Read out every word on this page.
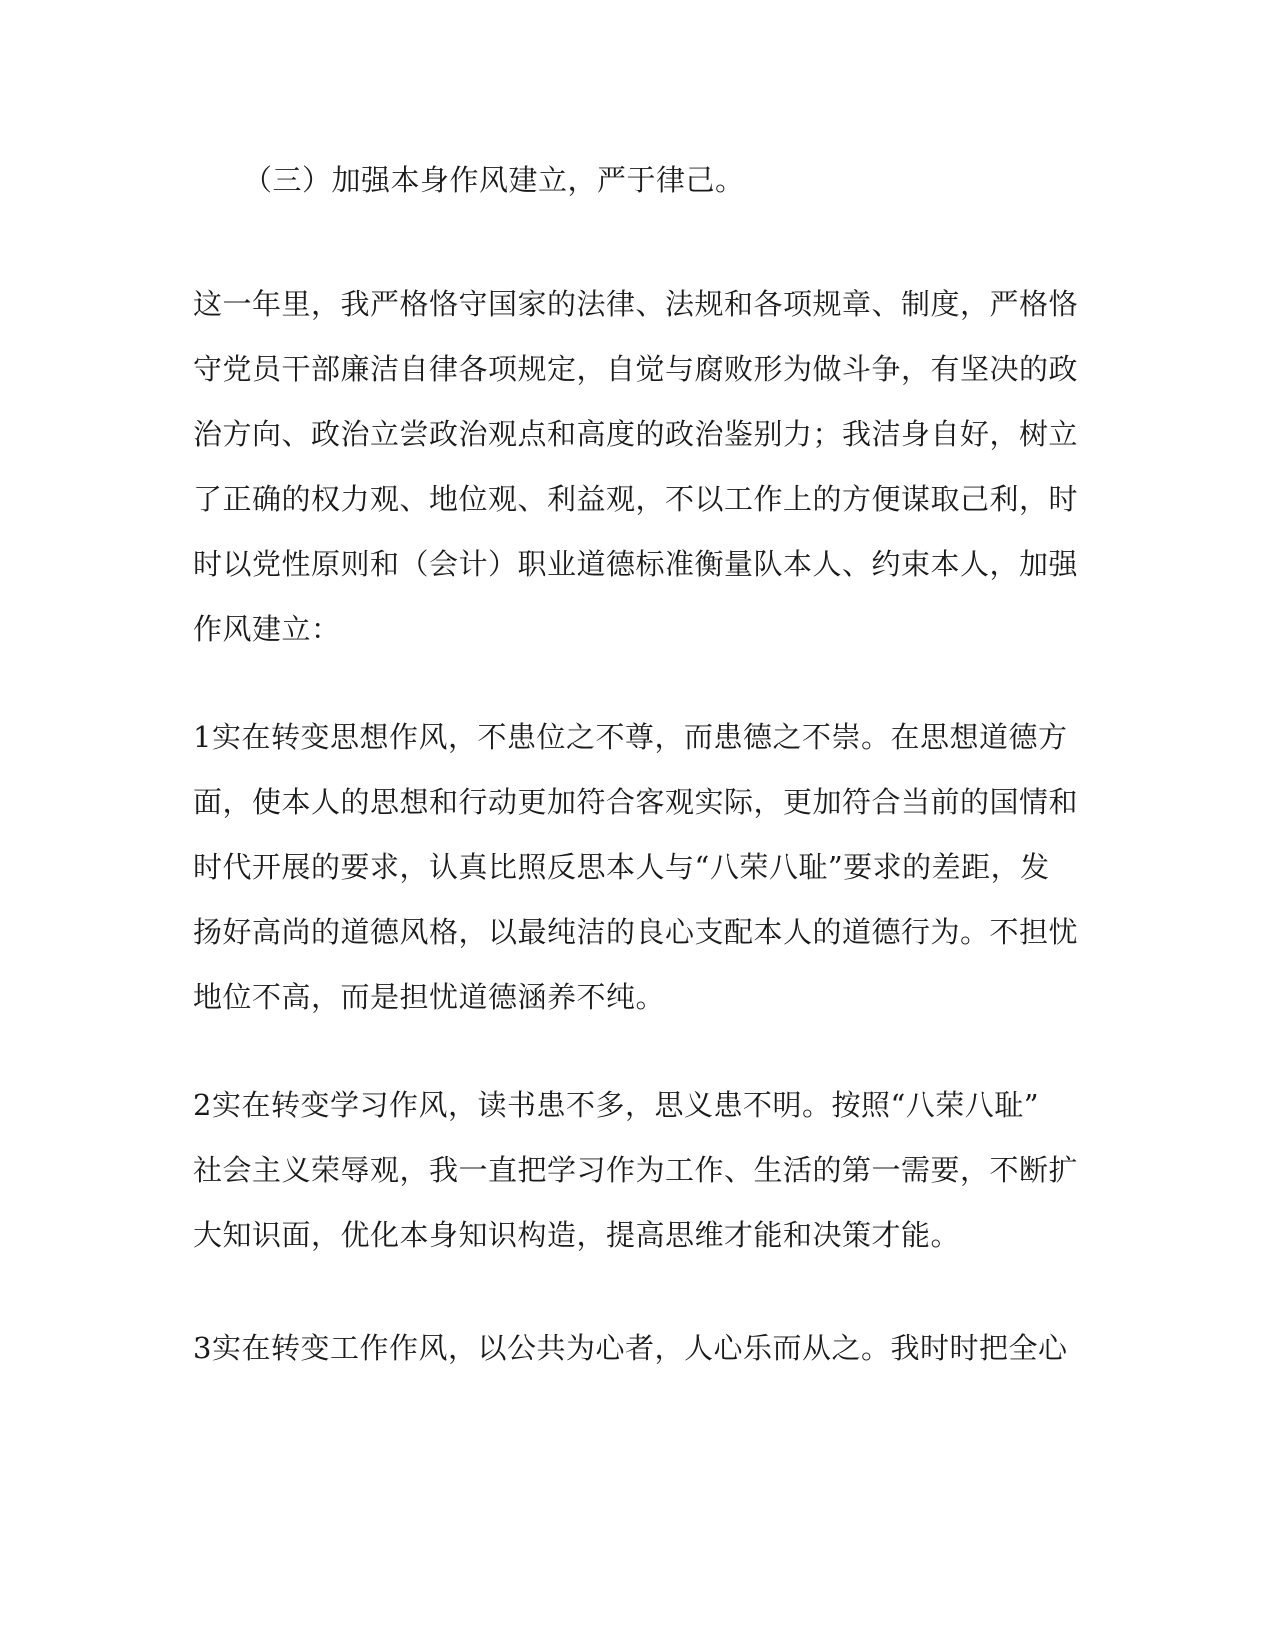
（三）加强本身作风建立，严于律己。
这一年里，我严格恪守国家的法律、法规和各项规章、制度，严格恪
守党员干部廉洁自律各项规定，自觉与腐败形为做斗争，有坚决的政
治方向、政治立尝政治观点和高度的政治鉴别力；我洁身自好，树立
了正确的权力观、地位观、利益观，不以工作上的方便谋取己利，时
时以党性原则和（会计）职业道德标准衡量队本人、约束本人，加强
作风建立：
1实在转变思想作风，不患位之不尊，而患德之不崇。在思想道德方
面，使本人的思想和行动更加符合客观实际，更加符合当前的国情和
时代开展的要求，认真比照反思本人与“八荣八耻”要求的差距，发
扬好高尚的道德风格，以最纯洁的良心支配本人的道德行为。不担忧
地位不高，而是担忧道德涵养不纯。
2实在转变学习作风，读书患不多，思义患不明。按照“八荣八耻”
社会主义荣辱观，我一直把学习作为工作、生活的第一需要，不断扩
大知识面，优化本身知识构造，提高思维才能和决策才能。
3实在转变工作作风，以公共为心者，人心乐而从之。我时时把全心
